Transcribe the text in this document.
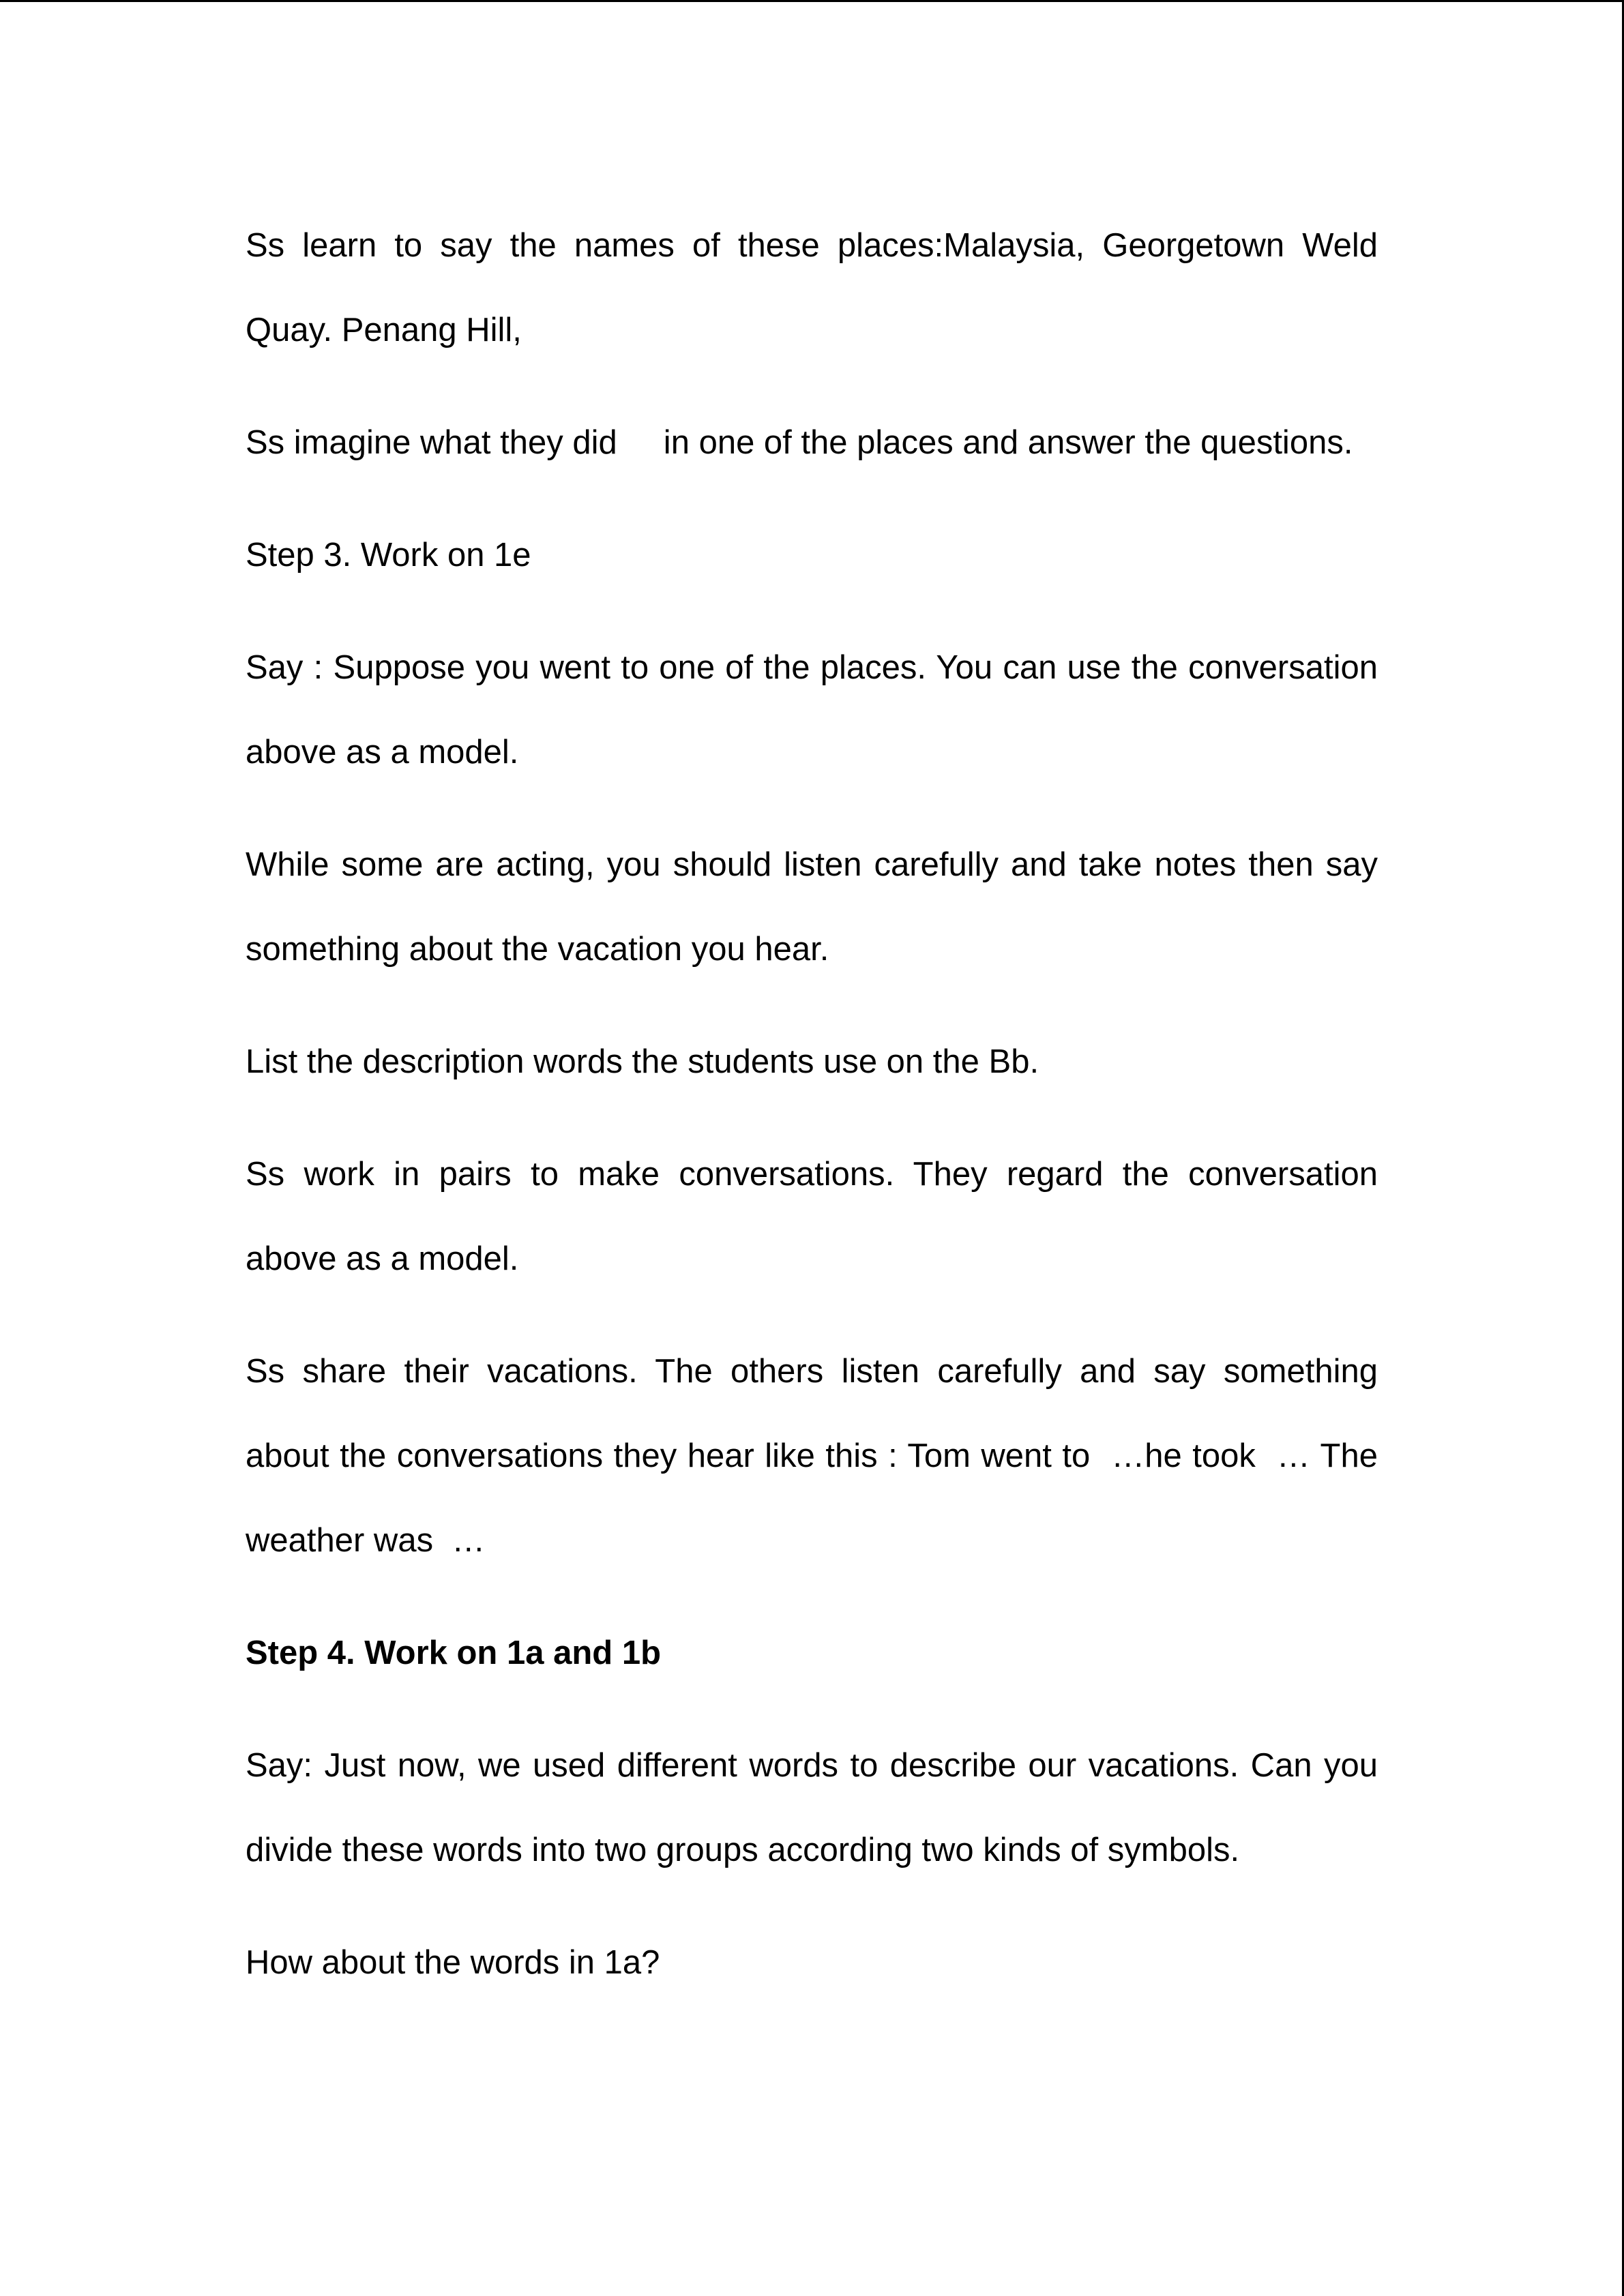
Ss learn to say the names of these places:Malaysia, Georgetown Weld Quay. Penang Hill,

Ss imagine what they did     in one of the places and answer the questions.

Step 3. Work on 1e

Say : Suppose you went to one of the places. You can use the conversation above as a model.

While some are acting, you should listen carefully and take notes then say something about the vacation you hear.

List the description words the students use on the Bb.

Ss work in pairs to make conversations. They regard the conversation above as a model.

Ss share their vacations. The others listen carefully and say something about the conversations they hear like this : Tom went to  …he took  … The weather was  …

Step 4. Work on 1a and 1b

Say: Just now, we used different words to describe our vacations. Can you divide these words into two groups according two kinds of symbols.

How about the words in 1a?
